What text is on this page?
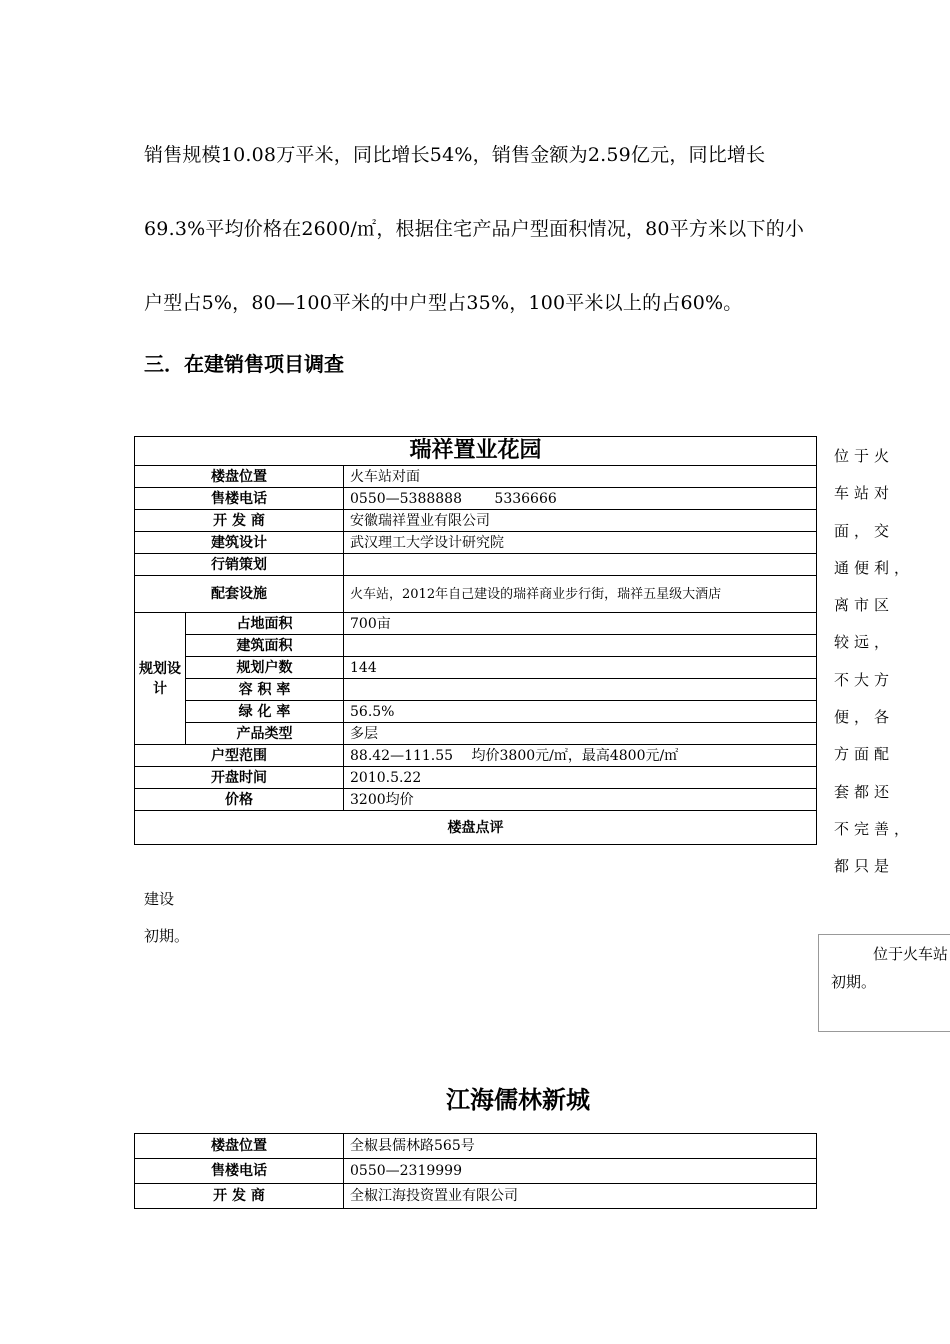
销售规模10.08万平米，同比增长54%，销售金额为2.59亿元，同比增长
69.3%平均价格在2600/㎡，根据住宅产品户型面积情况，80平方米以下的小
户型占5%，80—100平米的中户型占35%，100平米以上的占60%。
三．在建销售项目调查
瑞祥置业花园		
楼盘位置		火车站对面
售楼电话		0550—5388888　　 5336666
开 发 商		安徽瑞祥置业有限公司
建筑设计		武汉理工大学设计研究院
行销策划		
配套设施		火车站，2012年自己建设的瑞祥商业步行街，瑞祥五星级大酒店
规划设计	占地面积	700亩
	建筑面积	
	规划户数	144
	容 积 率	
	绿 化 率	56.5%
	产品类型	多层
户型范围		88.42—111.55　 均价3800元/㎡，最高4800元/㎡
开盘时间		2010.5.22
价格		3200均价
楼盘点评		
位于火
车站对
面，交
通便利，
离市区
较远，
不大方
便，各
方面配
套都还
不完善，
都只是
建设
初期。
位于火车站
初期。
江海儒林新城
楼盘位置	全椒县儒林路565号
售楼电话	0550—2319999
开 发 商	全椒江海投资置业有限公司
